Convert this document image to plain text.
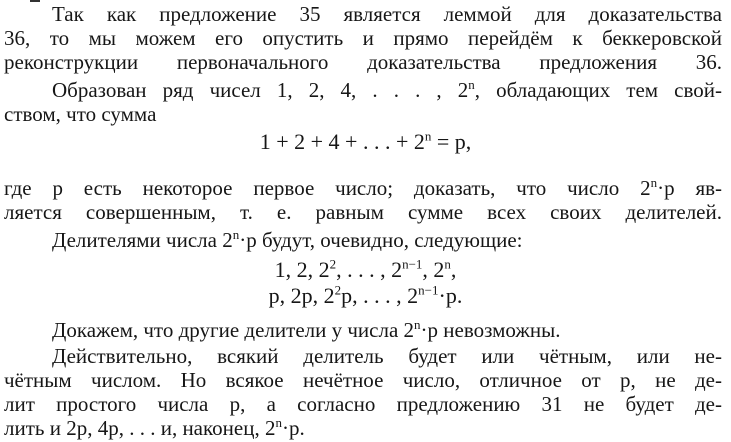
Так как предложение 35 является леммой для доказательства
36, то мы можем его опустить и прямо перейдём к беккеровской
реконструкции первоначального доказательства предложения 36.
Образован ряд чисел 1, 2, 4, . . . , 2$^n$, обладающих тем свой-
ством, что сумма
1 + 2 + 4 + . . . + $2^n = p$,
где p есть некоторое первое число; доказать, что число $2^n\cdot p$ яв-
ляется совершенным, т. е. равным сумме всех своих делителей.
Делителями числа $2^n\cdot p$ будут, очевидно, следующие:
1, 2, $2^2$, . . . , $2^{n-1}$, 2$^n$,
p, 2p, $2^2p$, . . . , $2^{n-1}\cdot p$.
Докажем, что другие делители у числа $2^n\cdot p$ невозможны.
Действительно, всякий делитель будет или чётным, или не-
чётным числом. Но всякое нечётное число, отличное от p, не де-
лит простого числа p, а согласно предложению 31 не будет де-
лить и 2p, 4p, . . . и, наконец, $2^n\cdot p$.
